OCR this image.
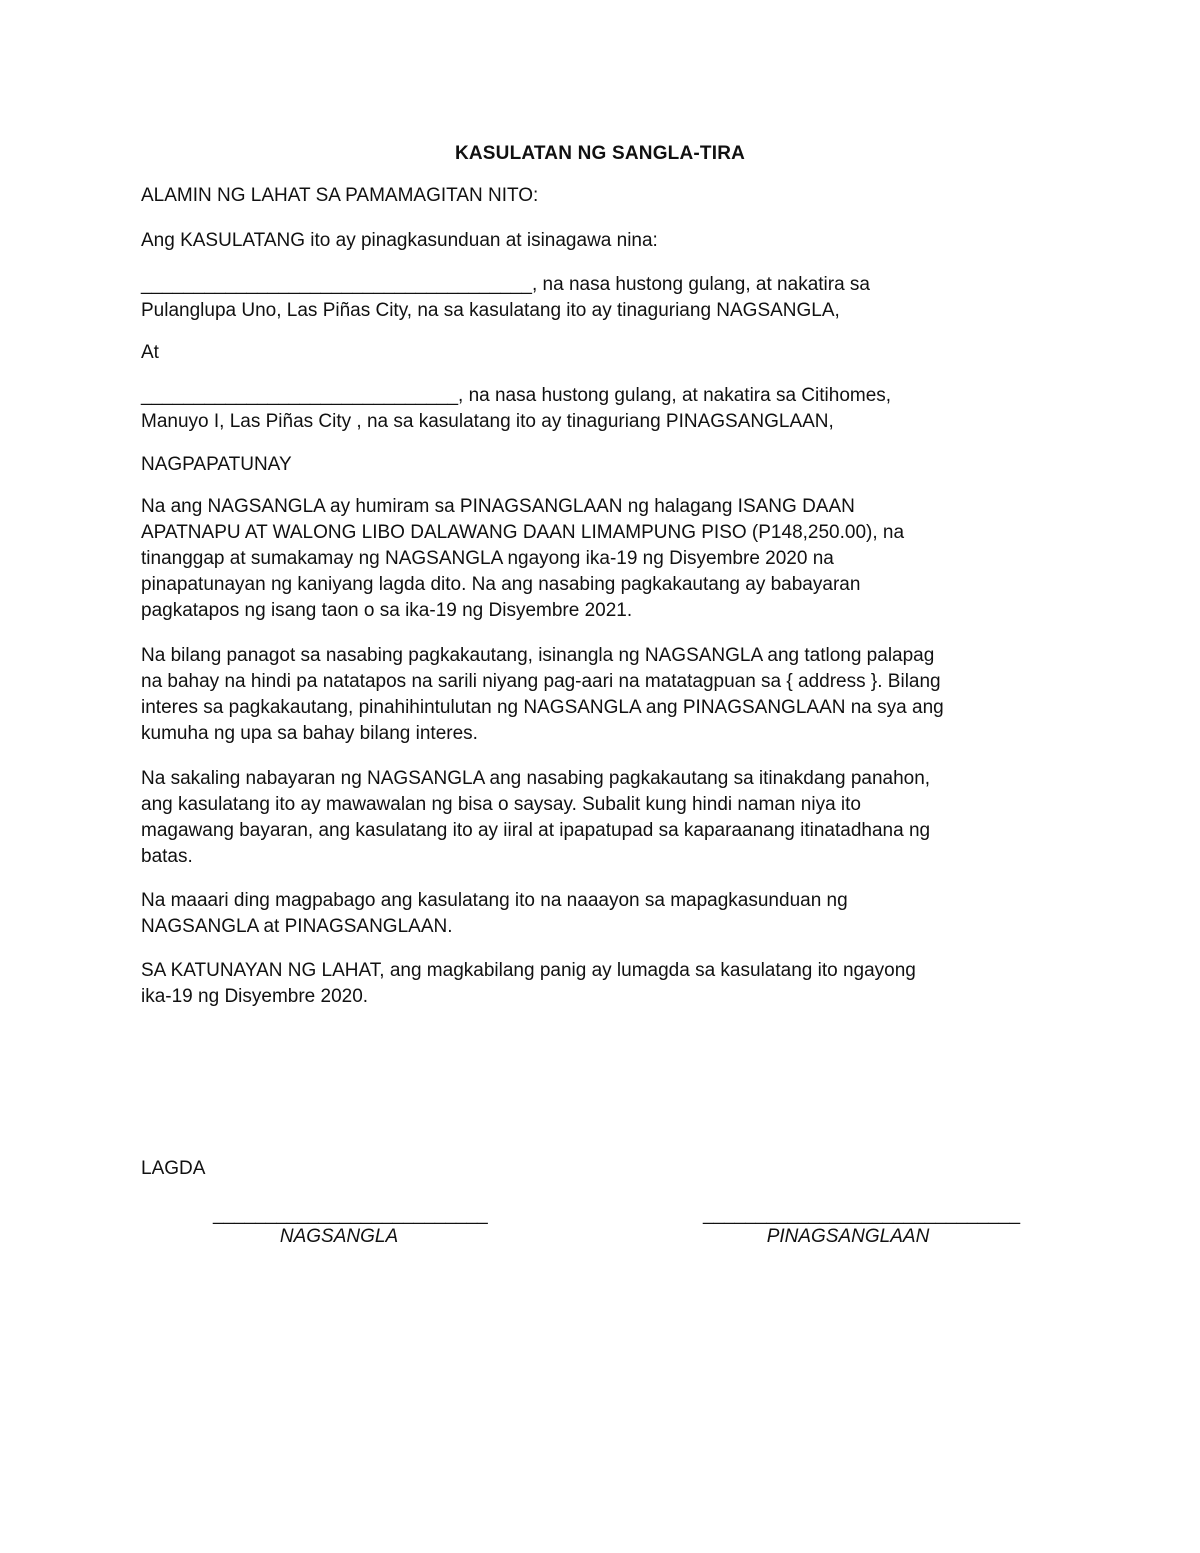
KASULATAN NG SANGLA-TIRA
ALAMIN NG LAHAT SA PAMAMAGITAN NITO:
Ang KASULATANG ito ay pinagkasunduan at isinagawa nina:
_____________________________________, na nasa hustong gulang, at nakatira sa
Pulanglupa Uno, Las Piñas City, na sa kasulatang ito ay tinaguriang NAGSANGLA,
At
______________________________, na nasa hustong gulang, at nakatira sa Citihomes,
Manuyo I, Las Piñas City , na sa kasulatang ito ay tinaguriang PINAGSANGLAAN,
NAGPAPATUNAY
Na ang NAGSANGLA ay humiram sa PINAGSANGLAAN ng halagang ISANG DAAN
APATNAPU AT WALONG LIBO DALAWANG DAAN LIMAMPUNG PISO (P148,250.00), na
tinanggap at sumakamay ng NAGSANGLA ngayong ika-19 ng Disyembre 2020 na
pinapatunayan ng kaniyang lagda dito. Na ang nasabing pagkakautang ay babayaran
pagkatapos ng isang taon o sa ika-19 ng Disyembre 2021.
Na bilang panagot sa nasabing pagkakautang, isinangla ng NAGSANGLA ang tatlong palapag
na bahay na hindi pa natatapos na sarili niyang pag-aari na matatagpuan sa { address }. Bilang
interes sa pagkakautang, pinahihintulutan ng NAGSANGLA ang PINAGSANGLAAN na sya ang
kumuha ng upa sa bahay bilang interes.
Na sakaling nabayaran ng NAGSANGLA ang nasabing pagkakautang sa itinakdang panahon,
ang kasulatang ito ay mawawalan ng bisa o saysay. Subalit kung hindi naman niya ito
magawang bayaran, ang kasulatang ito ay iiral at ipapatupad sa kaparaanang itinatadhana ng
batas.
Na maaari ding magpabago ang kasulatang ito na naaayon sa mapagkasunduan ng
NAGSANGLA at PINAGSANGLAAN.
SA KATUNAYAN NG LAHAT, ang magkabilang panig ay lumagda sa kasulatang ito ngayong
ika-19 ng Disyembre 2020.
LAGDA
__________________________
NAGSANGLA
______________________________
PINAGSANGLAAN
